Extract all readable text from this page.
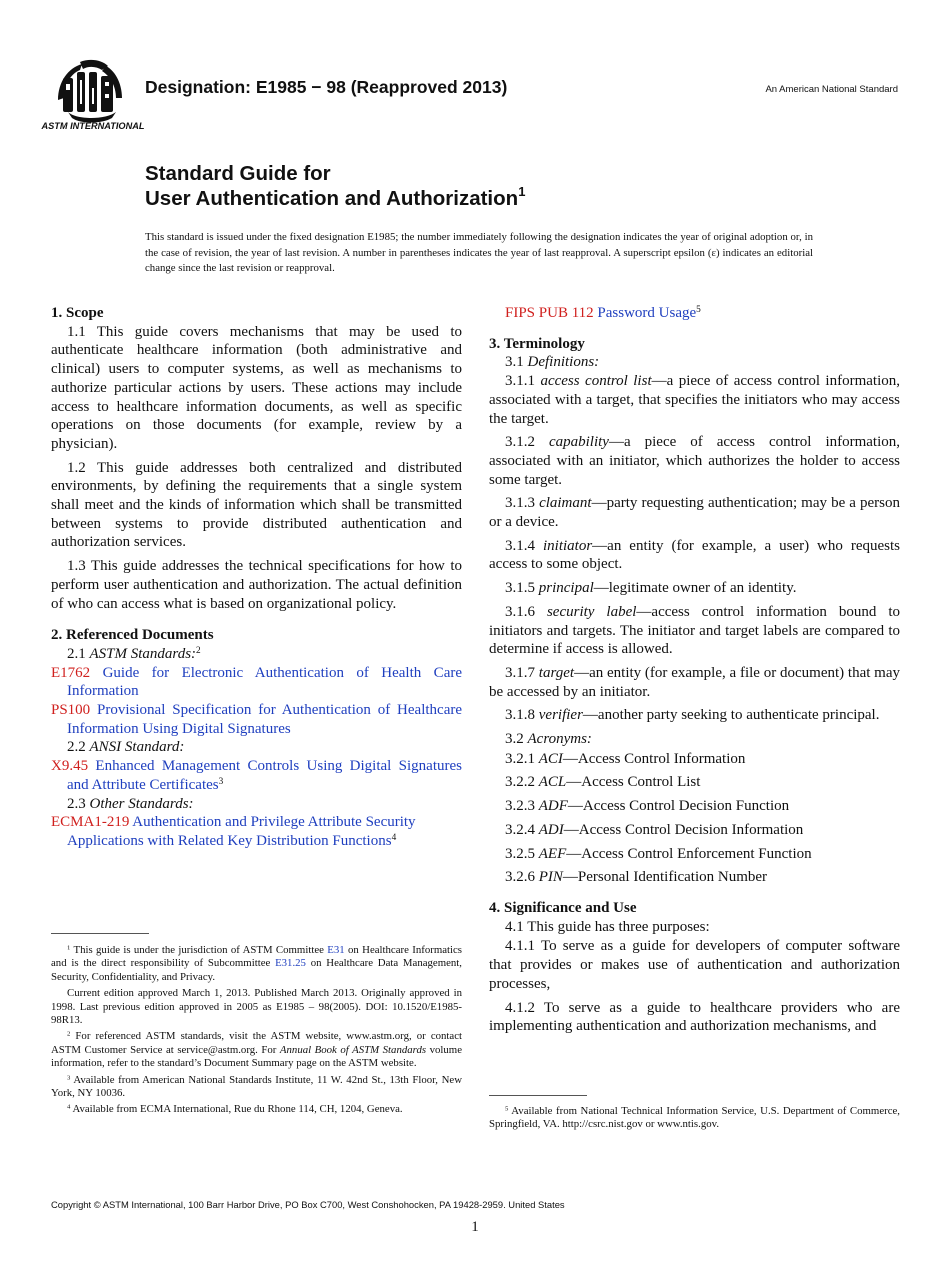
ASTM INTERNATIONAL
Designation: E1985 − 98 (Reapproved 2013)	An American National Standard
Standard Guide for
User Authentication and Authorization$^1$
This standard is issued under the fixed designation E1985; the number immediately following the designation indicates the year of original adoption or, in the case of revision, the year of last revision. A number in parentheses indicates the year of last reapproval. A superscript epsilon (ε) indicates an editorial change since the last revision or reapproval.

1. Scope

1.1 This guide covers mechanisms that may be used to authenticate healthcare information (both administrative and clinical) users to computer systems, as well as mechanisms to authorize particular actions by users. These actions may include access to healthcare information documents, as well as specific operations on those documents (for example, review by a physician).

1.2 This guide addresses both centralized and distributed environments, by defining the requirements that a single system shall meet and the kinds of information which shall be transmitted between systems to provide distributed authentication and authorization services.

1.3 This guide addresses the technical specifications for how to perform user authentication and authorization. The actual definition of who can access what is based on organizational policy.

2. Referenced Documents

2.1 ASTM Standards:$^2$

E1762 Guide for Electronic Authentication of Health Care Information

PS100 Provisional Specification for Authentication of Healthcare Information Using Digital Signatures

2.2 ANSI Standard:

X9.45 Enhanced Management Controls Using Digital Signatures and Attribute Certificates$^3$

2.3 Other Standards:

ECMA1-219 Authentication and Privilege Attribute Security Applications with Related Key Distribution Functions$^4$

$^1$ This guide is under the jurisdiction of ASTM Committee E31 on Healthcare Informatics and is the direct responsibility of Subcommittee E31.25 on Healthcare Data Management, Security, Confidentiality, and Privacy.

Current edition approved March 1, 2013. Published March 2013. Originally approved in 1998. Last previous edition approved in 2005 as E1985 – 98(2005). DOI: 10.1520/E1985-98R13.

$^2$ For referenced ASTM standards, visit the ASTM website, www.astm.org, or contact ASTM Customer Service at service@astm.org. For Annual Book of ASTM Standards volume information, refer to the standard’s Document Summary page on the ASTM website.

$^3$ Available from American National Standards Institute, 11 W. 42nd St., 13th Floor, New York, NY 10036.

$^4$ Available from ECMA International, Rue du Rhone 114, CH, 1204, Geneva.

FIPS PUB 112 Password Usage$^5$

3. Terminology

3.1 Definitions:

3.1.1 access control list—a piece of access control information, associated with a target, that specifies the initiators who may access the target.

3.1.2 capability—a piece of access control information, associated with an initiator, which authorizes the holder to access some target.

3.1.3 claimant—party requesting authentication; may be a person or a device.

3.1.4 initiator—an entity (for example, a user) who requests access to some object.

3.1.5 principal—legitimate owner of an identity.

3.1.6 security label—access control information bound to initiators and targets. The initiator and target labels are compared to determine if access is allowed.

3.1.7 target—an entity (for example, a file or document) that may be accessed by an initiator.

3.1.8 verifier—another party seeking to authenticate principal.

3.2 Acronyms:

3.2.1 ACI—Access Control Information

3.2.2 ACL—Access Control List

3.2.3 ADF—Access Control Decision Function

3.2.4 ADI—Access Control Decision Information

3.2.5 AEF—Access Control Enforcement Function

3.2.6 PIN—Personal Identification Number

4. Significance and Use

4.1 This guide has three purposes:

4.1.1 To serve as a guide for developers of computer software that provides or makes use of authentication and authorization processes,

4.1.2 To serve as a guide to healthcare providers who are implementing authentication and authorization mechanisms, and

$^5$ Available from National Technical Information Service, U.S. Department of Commerce, Springfield, VA. http://csrc.nist.gov or www.ntis.gov.

Copyright © ASTM International, 100 Barr Harbor Drive, PO Box C700, West Conshohocken, PA 19428-2959. United States
1
